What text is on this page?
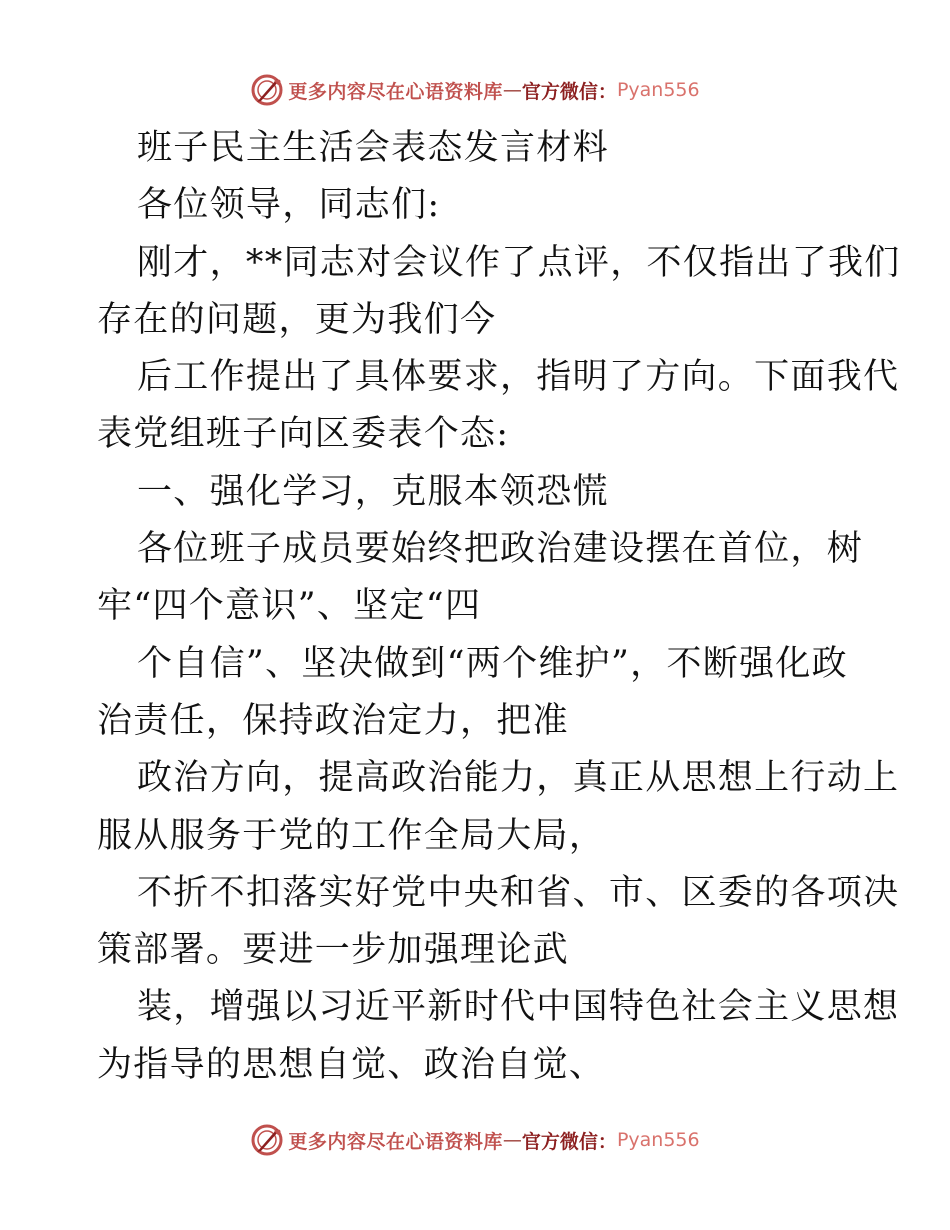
更多内容尽在心语资料库 — 官方微信： Pyan556
班子民主生活会表态发言材料
各位领导，同志们:
刚才，**同志对会议作了点评，不仅指出了我们
存在的问题，更为我们今
后工作提出了具体要求，指明了方向。下面我代
表党组班子向区委表个态:
一、强化学习，克服本领恐慌
各位班子成员要始终把政治建设摆在首位，树
牢“四个意识”、坚定“四
个自信”、坚决做到“两个维护”，不断强化政
治责任，保持政治定力，把准
政治方向，提高政治能力，真正从思想上行动上
服从服务于党的工作全局大局，
不折不扣落实好党中央和省、市、区委的各项决
策部署。要进一步加强理论武
装，增强以习近平新时代中国特色社会主义思想
为指导的思想自觉、政治自觉、
更多内容尽在心语资料库 — 官方微信： Pyan556
